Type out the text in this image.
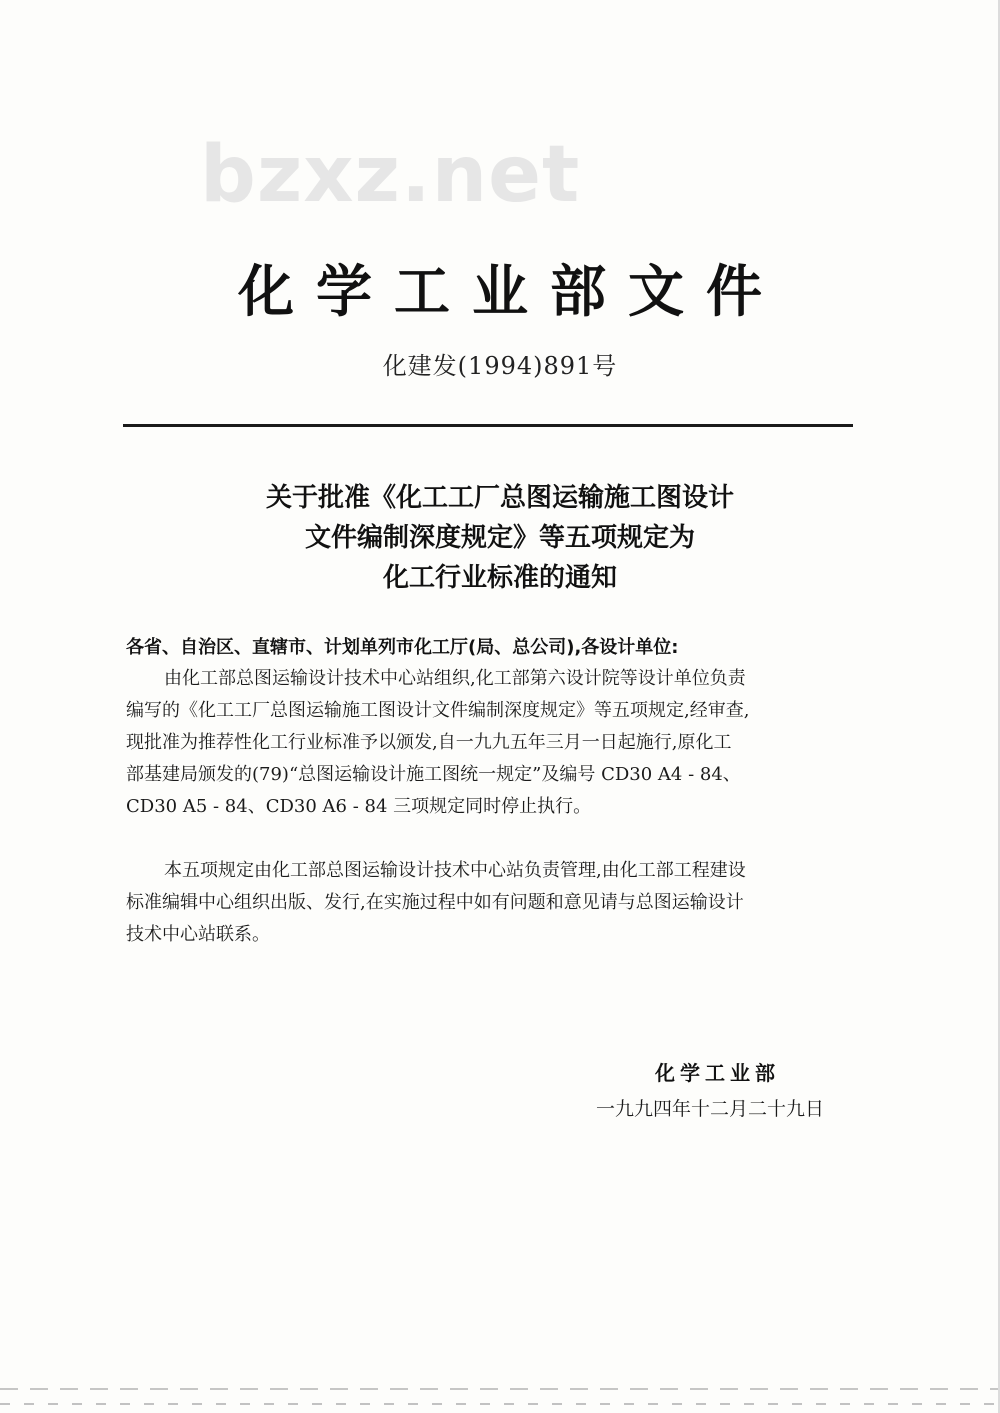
bzxz.net
化学工业部文件
化建发(1994)891号
关于批准《化工工厂总图运输施工图设计
文件编制深度规定》等五项规定为
化工行业标准的通知
各省、自治区、直辖市、计划单列市化工厅(局、总公司),各设计单位:
由化工部总图运输设计技术中心站组织,化工部第六设计院等设计单位负责
编写的《化工工厂总图运输施工图设计文件编制深度规定》等五项规定,经审查,
现批准为推荐性化工行业标准予以颁发,自一九九五年三月一日起施行,原化工
部基建局颁发的(79)“总图运输设计施工图统一规定”及编号 CD30 A4 - 84、
CD30 A5 - 84、CD30 A6 - 84 三项规定同时停止执行。
本五项规定由化工部总图运输设计技术中心站负责管理,由化工部工程建设
标准编辑中心组织出版、发行,在实施过程中如有问题和意见请与总图运输设计
技术中心站联系。
化学工业部
一九九四年十二月二十九日
